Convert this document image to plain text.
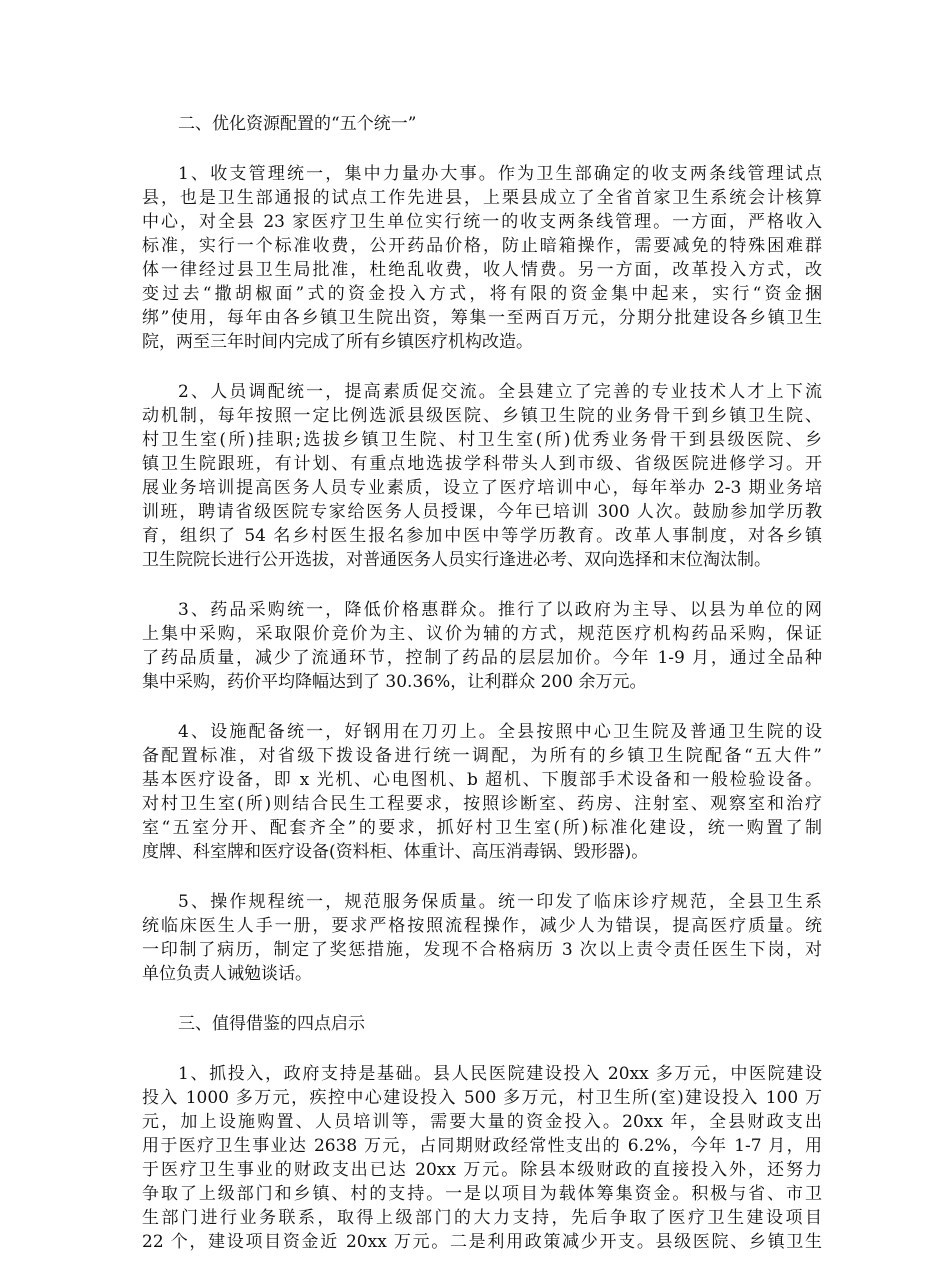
二、优化资源配置的“五个统一”
1、收支管理统一，集中力量办大事。作为卫生部确定的收支两条线管理试点
县，也是卫生部通报的试点工作先进县，上栗县成立了全省首家卫生系统会计核算
中心，对全县 23 家医疗卫生单位实行统一的收支两条线管理。一方面，严格收入
标准，实行一个标准收费，公开药品价格，防止暗箱操作，需要减免的特殊困难群
体一律经过县卫生局批准，杜绝乱收费，收人情费。另一方面，改革投入方式，改
变过去“撒胡椒面”式的资金投入方式，将有限的资金集中起来，实行“资金捆
绑”使用，每年由各乡镇卫生院出资，筹集一至两百万元，分期分批建设各乡镇卫生
院，两至三年时间内完成了所有乡镇医疗机构改造。
2、人员调配统一，提高素质促交流。全县建立了完善的专业技术人才上下流
动机制，每年按照一定比例选派县级医院、乡镇卫生院的业务骨干到乡镇卫生院、
村卫生室(所)挂职;选拔乡镇卫生院、村卫生室(所)优秀业务骨干到县级医院、乡
镇卫生院跟班，有计划、有重点地选拔学科带头人到市级、省级医院进修学习。开
展业务培训提高医务人员专业素质，设立了医疗培训中心，每年举办 2-3 期业务培
训班，聘请省级医院专家给医务人员授课，今年已培训 300 人次。鼓励参加学历教
育，组织了 54 名乡村医生报名参加中医中等学历教育。改革人事制度，对各乡镇
卫生院院长进行公开选拔，对普通医务人员实行逢进必考、双向选择和末位淘汰制。
3、药品采购统一，降低价格惠群众。推行了以政府为主导、以县为单位的网
上集中采购，采取限价竞价为主、议价为辅的方式，规范医疗机构药品采购，保证
了药品质量，减少了流通环节，控制了药品的层层加价。今年 1-9 月，通过全品种
集中采购，药价平均降幅达到了 30.36%，让利群众 200 余万元。
4、设施配备统一，好钢用在刀刃上。全县按照中心卫生院及普通卫生院的设
备配置标准，对省级下拨设备进行统一调配，为所有的乡镇卫生院配备“五大件”
基本医疗设备，即 x 光机、心电图机、b 超机、下腹部手术设备和一般检验设备。
对村卫生室(所)则结合民生工程要求，按照诊断室、药房、注射室、观察室和治疗
室“五室分开、配套齐全”的要求，抓好村卫生室(所)标准化建设，统一购置了制
度牌、科室牌和医疗设备(资料柜、体重计、高压消毒锅、毁形器)。
5、操作规程统一，规范服务保质量。统一印发了临床诊疗规范，全县卫生系
统临床医生人手一册，要求严格按照流程操作，减少人为错误，提高医疗质量。统
一印制了病历，制定了奖惩措施，发现不合格病历 3 次以上责令责任医生下岗，对
单位负责人诫勉谈话。
三、值得借鉴的四点启示
1、抓投入，政府支持是基础。县人民医院建设投入 20xx 多万元，中医院建设
投入 1000 多万元，疾控中心建设投入 500 多万元，村卫生所(室)建设投入 100 万
元，加上设施购置、人员培训等，需要大量的资金投入。20xx 年，全县财政支出
用于医疗卫生事业达 2638 万元，占同期财政经常性支出的 6.2%，今年 1-7 月，用
于医疗卫生事业的财政支出已达 20xx 万元。除县本级财政的直接投入外，还努力
争取了上级部门和乡镇、村的支持。一是以项目为载体筹集资金。积极与省、市卫
生部门进行业务联系，取得上级部门的大力支持，先后争取了医疗卫生建设项目
22 个，建设项目资金近 20xx 万元。二是利用政策减少开支。县级医院、乡镇卫生
